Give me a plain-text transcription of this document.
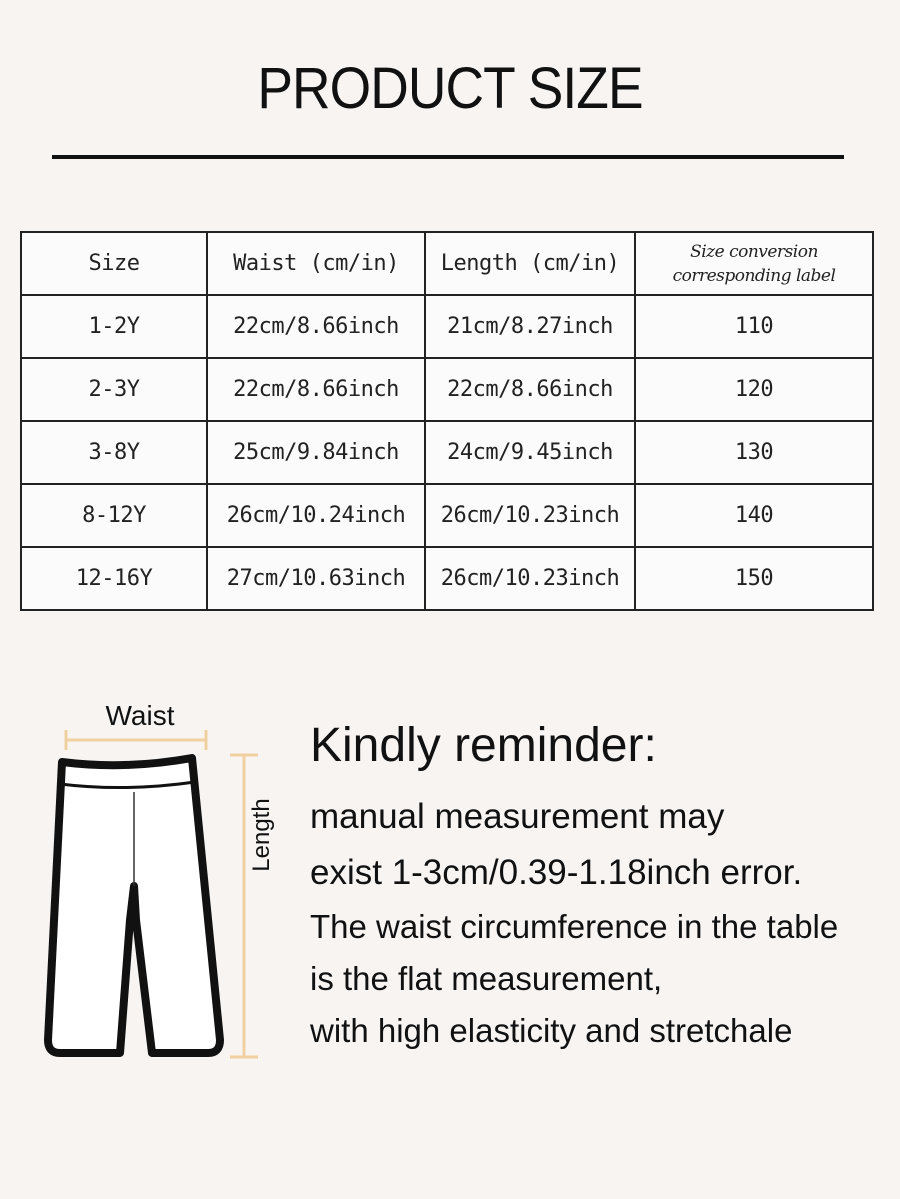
PRODUCT SIZE
Size	Waist (cm/in)	Length (cm/in)	Size conversion
corresponding label

1-2Y	22cm/8.66inch	21cm/8.27inch	110
2-3Y	22cm/8.66inch	22cm/8.66inch	120
3-8Y	25cm/9.84inch	24cm/9.45inch	130
8-12Y	26cm/10.24inch	26cm/10.23inch	140
12-16Y	27cm/10.63inch	26cm/10.23inch	150
Waist
Length
Kindly reminder:
manual measurement may
exist 1-3cm/0.39-1.18inch error.
The waist circumference in the table
is the flat measurement,
with high elasticity and stretchale
